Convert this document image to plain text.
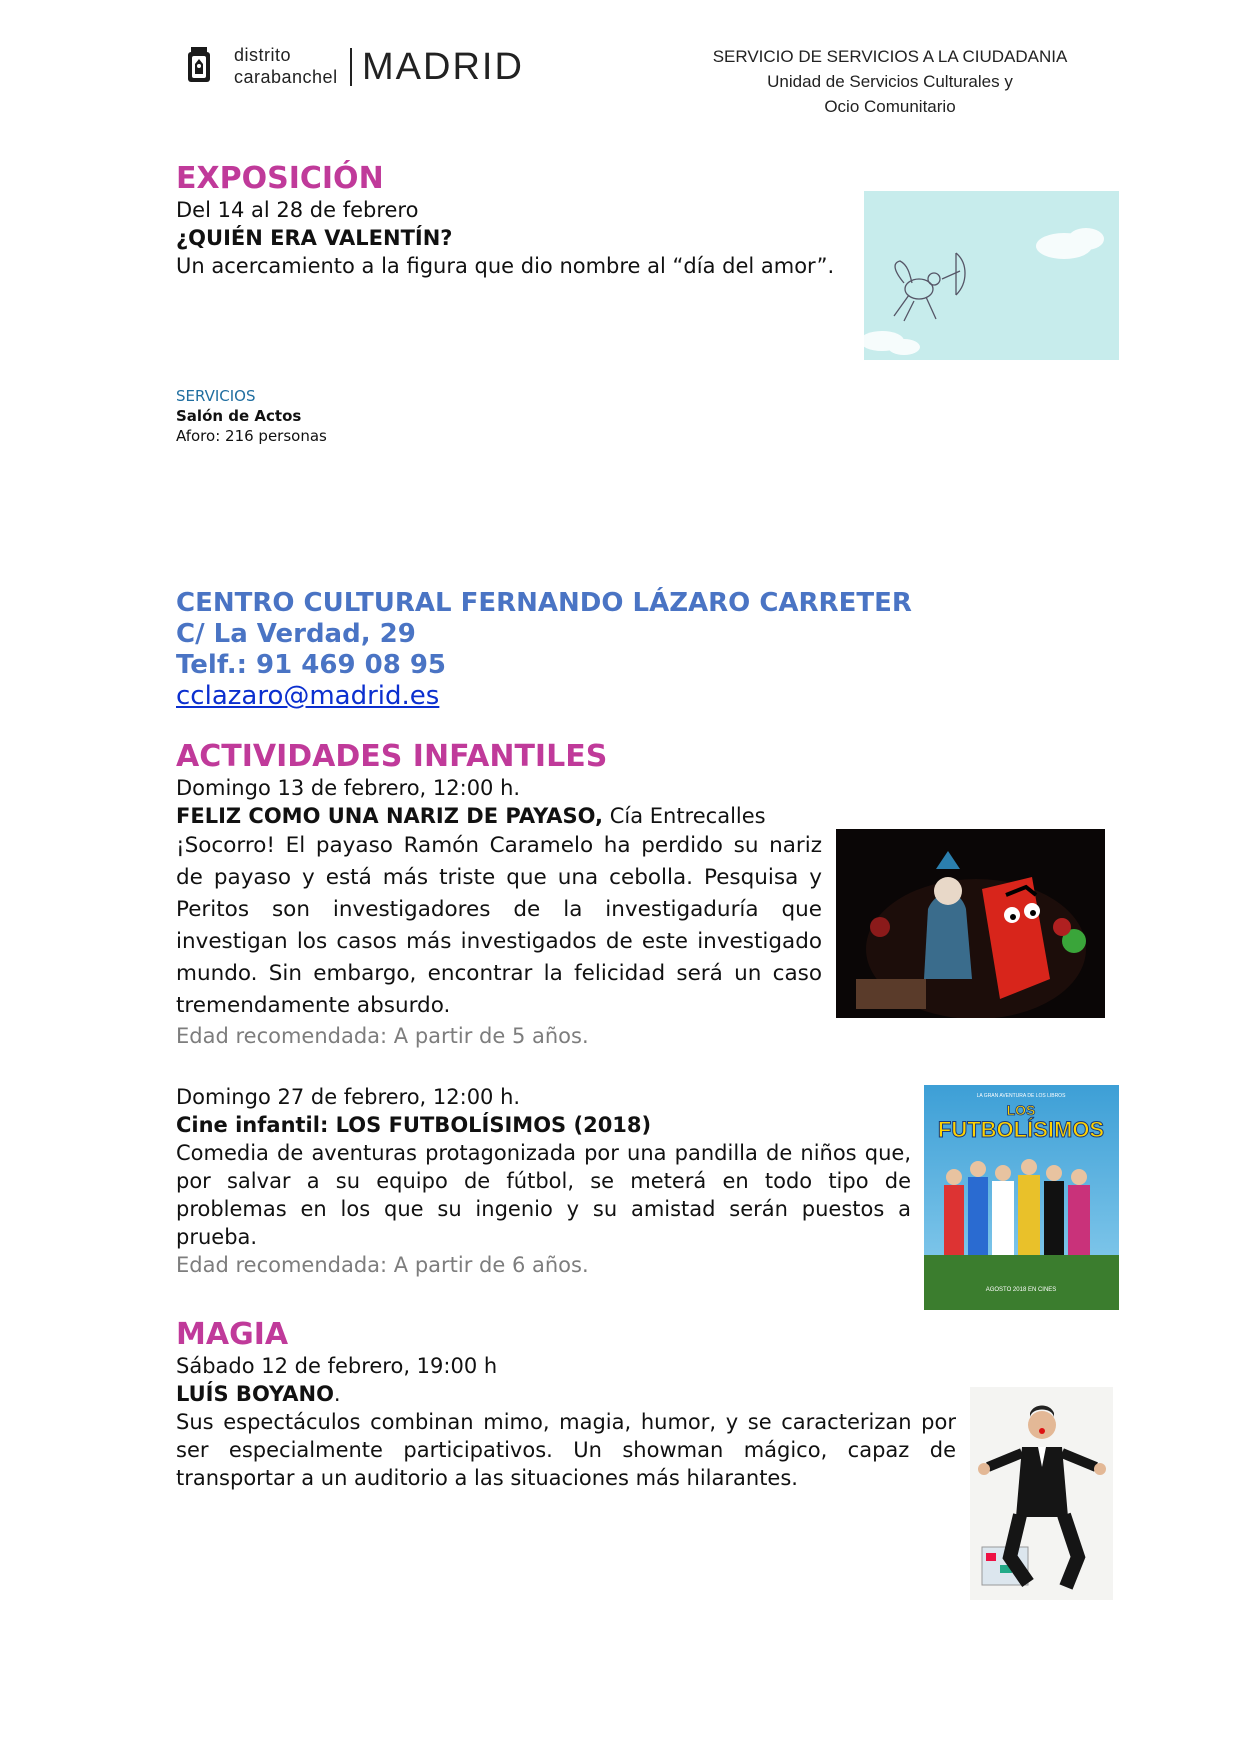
distrito
carabanchel MADRID	SERVICIO DE SERVICIOS A LA CIUDADANIA
Unidad de Servicios Culturales y
Ocio Comunitario
EXPOSICIÓN
Del 14 al 28 de febrero
¿QUIÉN ERA VALENTÍN?
Un acercamiento a la figura que dio nombre al “día del amor”.
SERVICIOS
Salón de Actos
Aforo: 216 personas
CENTRO CULTURAL FERNANDO LÁZARO CARRETER
C/ La Verdad, 29
Telf.: 91 469 08 95
cclazaro@madrid.es
ACTIVIDADES INFANTILES
Domingo 13 de febrero, 12:00 h.
FELIZ COMO UNA NARIZ DE PAYASO, Cía Entrecalles
¡Socorro! El payaso Ramón Caramelo ha perdido su nariz de payaso y está más triste que una cebolla. Pesquisa y Peritos son investigadores de la investigaduría que investigan los casos más investigados de este investigado mundo. Sin embargo, encontrar la felicidad será un caso tremendamente absurdo.
Edad recomendada: A partir de 5 años.
Domingo 27 de febrero, 12:00 h.
Cine infantil: LOS FUTBOLÍSIMOS (2018)
Comedia de aventuras protagonizada por una pandilla de niños que, por salvar a su equipo de fútbol, se meterá en todo tipo de problemas en los que su ingenio y su amistad serán puestos a prueba.
Edad recomendada: A partir de 6 años.
LA GRAN AVENTURA DE LOS LIBROS
LOS
FUTBOLÍSIMOS
AGOSTO 2018 EN CINES
MAGIA
Sábado 12 de febrero, 19:00 h
LUÍS BOYANO.
Sus espectáculos combinan mimo, magia, humor, y se caracterizan por ser especialmente participativos. Un showman mágico, capaz de transportar a un auditorio a las situaciones más hilarantes.
